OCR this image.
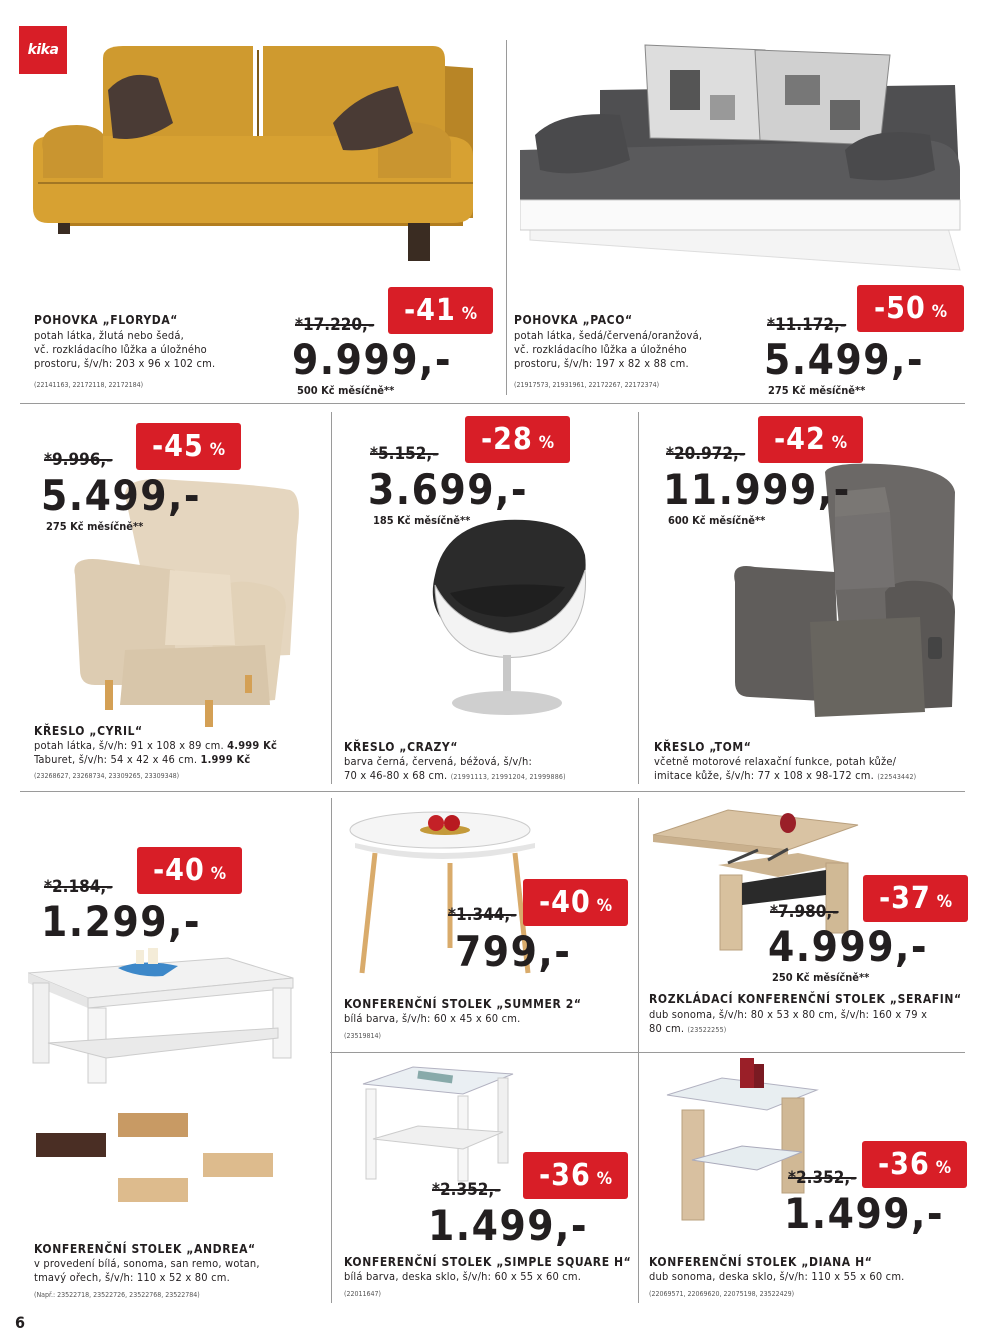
kika
POHOVKA „FLORYDA“
potah látka, žlutá nebo šedá,
vč. rozkládacího lůžka a úložného
prostoru, š/v/h: 203 x 96 x 102 cm.
(22141163, 22172118, 22172184)
*17.220,- -41 %
9.999,-
500 Kč měsíčně**
POHOVKA „PACO“
potah látka, šedá/červená/oranžová,
vč. rozkládacího lůžka a úložného
prostoru, š/v/h: 197 x 82 x 88 cm.
(21917573, 21931961, 22172267, 22172374)
*11.172,- -50 %
5.499,-
275 Kč měsíčně**
*9.996,- -45 %
5.499,-
275 Kč měsíčně**
KŘESLO „CYRIL“
potah látka, š/v/h: 91 x 108 x 89 cm. 4.999 Kč
Taburet, š/v/h: 54 x 42 x 46 cm. 1.999 Kč
(23268627, 23268734, 23309265, 23309348)
*5.152,- -28 %
3.699,-
185 Kč měsíčně**
KŘESLO „CRAZY“
barva černá, červená, béžová, š/v/h:
70 x 46-80 x 68 cm. (21991113, 21991204, 21999886)
*20.972,- -42 %
11.999,-
600 Kč měsíčně**
KŘESLO „TOM“
včetně motorové relaxační funkce, potah kůže/
imitace kůže, š/v/h: 77 x 108 x 98-172 cm. (22543442)
*2.184,- -40 %
1.299,-
KONFERENČNÍ STOLEK „ANDREA“
v provedení bílá, sonoma, san remo, wotan,
tmavý ořech, š/v/h: 110 x 52 x 80 cm.
(Např.: 23522718, 23522726, 23522768, 23522784)
*1.344,- -40 %
799,-
KONFERENČNÍ STOLEK „SUMMER 2“
bílá barva, š/v/h: 60 x 45 x 60 cm.
(23519814)
*7.980,- -37 %
4.999,-
250 Kč měsíčně**
ROZKLÁDACÍ KONFERENČNÍ STOLEK „SERAFIN“
dub sonoma, š/v/h: 80 x 53 x 80 cm, š/v/h: 160 x 79 x
80 cm. (23522255)
*2.352,- -36 %
1.499,-
KONFERENČNÍ STOLEK „SIMPLE SQUARE H“
bílá barva, deska sklo, š/v/h: 60 x 55 x 60 cm.
(22011647)
*2.352,- -36 %
1.499,-
KONFERENČNÍ STOLEK „DIANA H“
dub sonoma, deska sklo, š/v/h: 110 x 55 x 60 cm.
(22069571, 22069620, 22075198, 23522429)
6
